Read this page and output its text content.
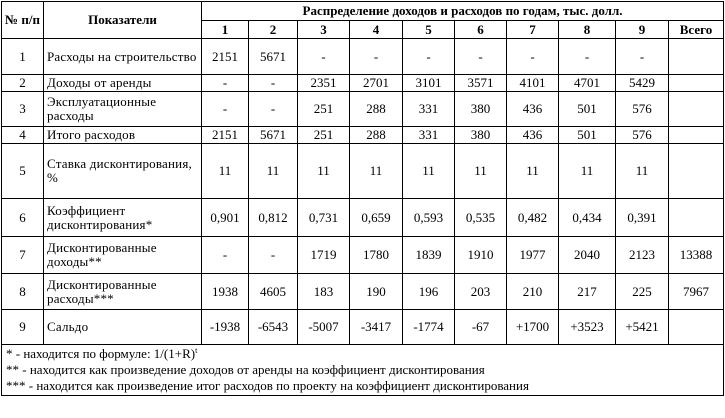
№ п/п	Показатели	Распределение доходов и расходов по годам, тыс. долл.									
		1	2	3	4	5	6	7	8	9	Всего
1	Расходы на строительство	2151	5671	-	-	-	-	-	-	-	
2	Доходы от аренды	-	-	2351	2701	3101	3571	4101	4701	5429	
3	Эксплуатационные расходы	-	-	251	288	331	380	436	501	576	
4	Итого расходов	2151	5671	251	288	331	380	436	501	576	
5	Ставка дисконтирования, %	11	11	11	11	11	11	11	11	11	
6	Коэффициент дисконтирования*	0,901	0,812	0,731	0,659	0,593	0,535	0,482	0,434	0,391	
7	Дисконтированные доходы**	-	-	1719	1780	1839	1910	1977	2040	2123	13388
8	Дисконтированные расходы***	1938	4605	183	190	196	203	210	217	225	7967
9	Сальдо	-1938	-6543	-5007	-3417	-1774	-67	+1700	+3523	+5421	

* - находится по формуле: $1/(1+R)^t$
** - находится как произведение доходов от аренды на коэффициент дисконтирования
*** - находится как произведение итог расходов по проекту на коэффициент дисконтирования											
